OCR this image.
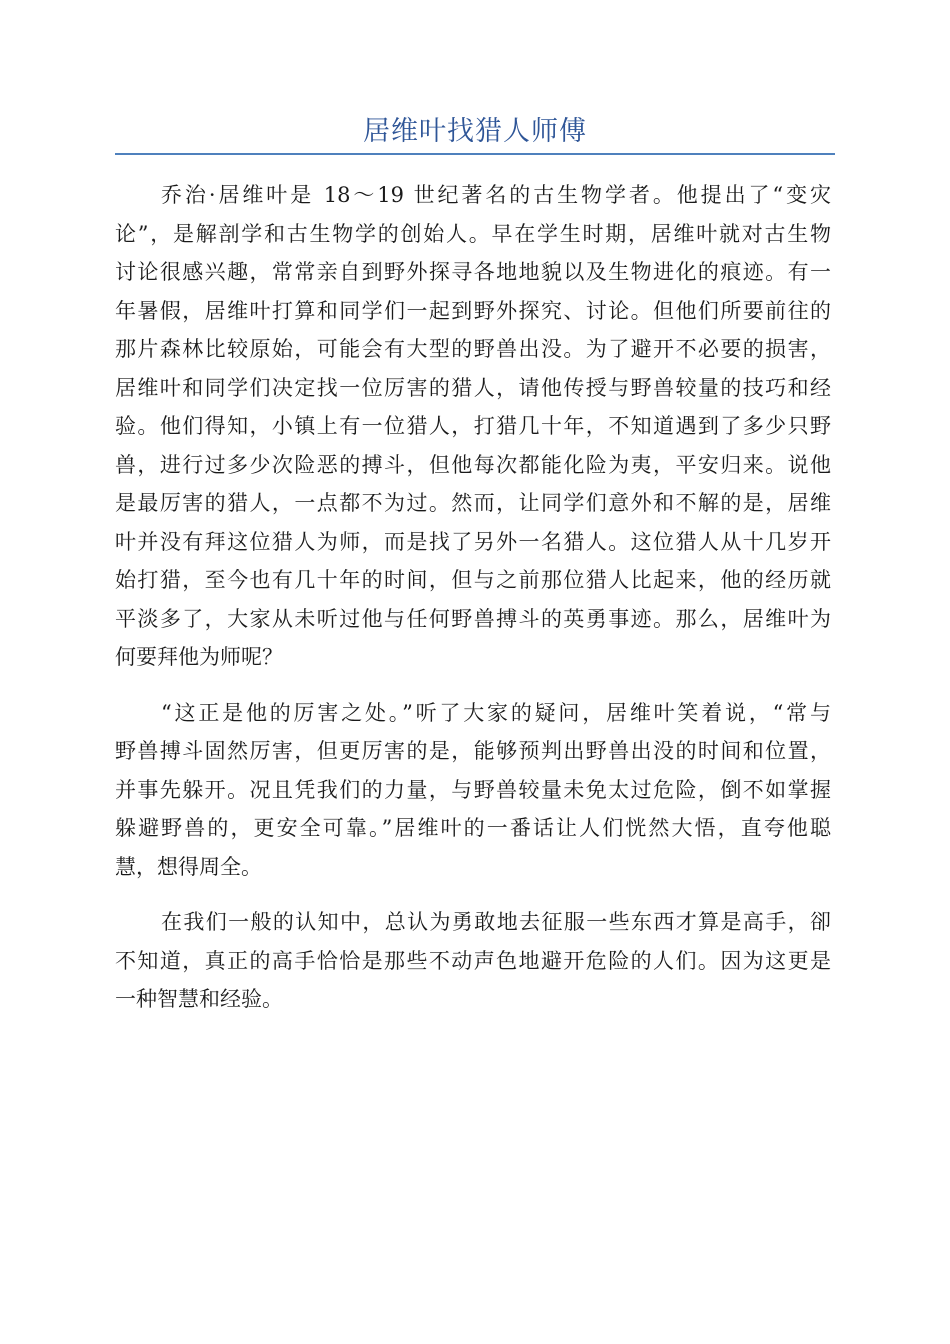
居维叶找猎人师傅
乔治·居维叶是 18～19 世纪著名的古生物学者。他提出了“变灾
论”，是解剖学和古生物学的创始人。早在学生时期，居维叶就对古生物
讨论很感兴趣，常常亲自到野外探寻各地地貌以及生物进化的痕迹。有一
年暑假，居维叶打算和同学们一起到野外探究、讨论。但他们所要前往的
那片森林比较原始，可能会有大型的野兽出没。为了避开不必要的损害，
居维叶和同学们决定找一位厉害的猎人，请他传授与野兽较量的技巧和经
验。他们得知，小镇上有一位猎人，打猎几十年，不知道遇到了多少只野
兽，进行过多少次险恶的搏斗，但他每次都能化险为夷，平安归来。说他
是最厉害的猎人，一点都不为过。然而，让同学们意外和不解的是，居维
叶并没有拜这位猎人为师，而是找了另外一名猎人。这位猎人从十几岁开
始打猎，至今也有几十年的时间，但与之前那位猎人比起来，他的经历就
平淡多了，大家从未听过他与任何野兽搏斗的英勇事迹。那么，居维叶为
何要拜他为师呢？
“这正是他的厉害之处。”听了大家的疑问，居维叶笑着说，“常与
野兽搏斗固然厉害，但更厉害的是，能够预判出野兽出没的时间和位置，
并事先躲开。况且凭我们的力量，与野兽较量未免太过危险，倒不如掌握
躲避野兽的，更安全可靠。”居维叶的一番话让人们恍然大悟，直夸他聪
慧，想得周全。
在我们一般的认知中，总认为勇敢地去征服一些东西才算是高手，卻
不知道，真正的高手恰恰是那些不动声色地避开危险的人们。因为这更是
一种智慧和经验。
